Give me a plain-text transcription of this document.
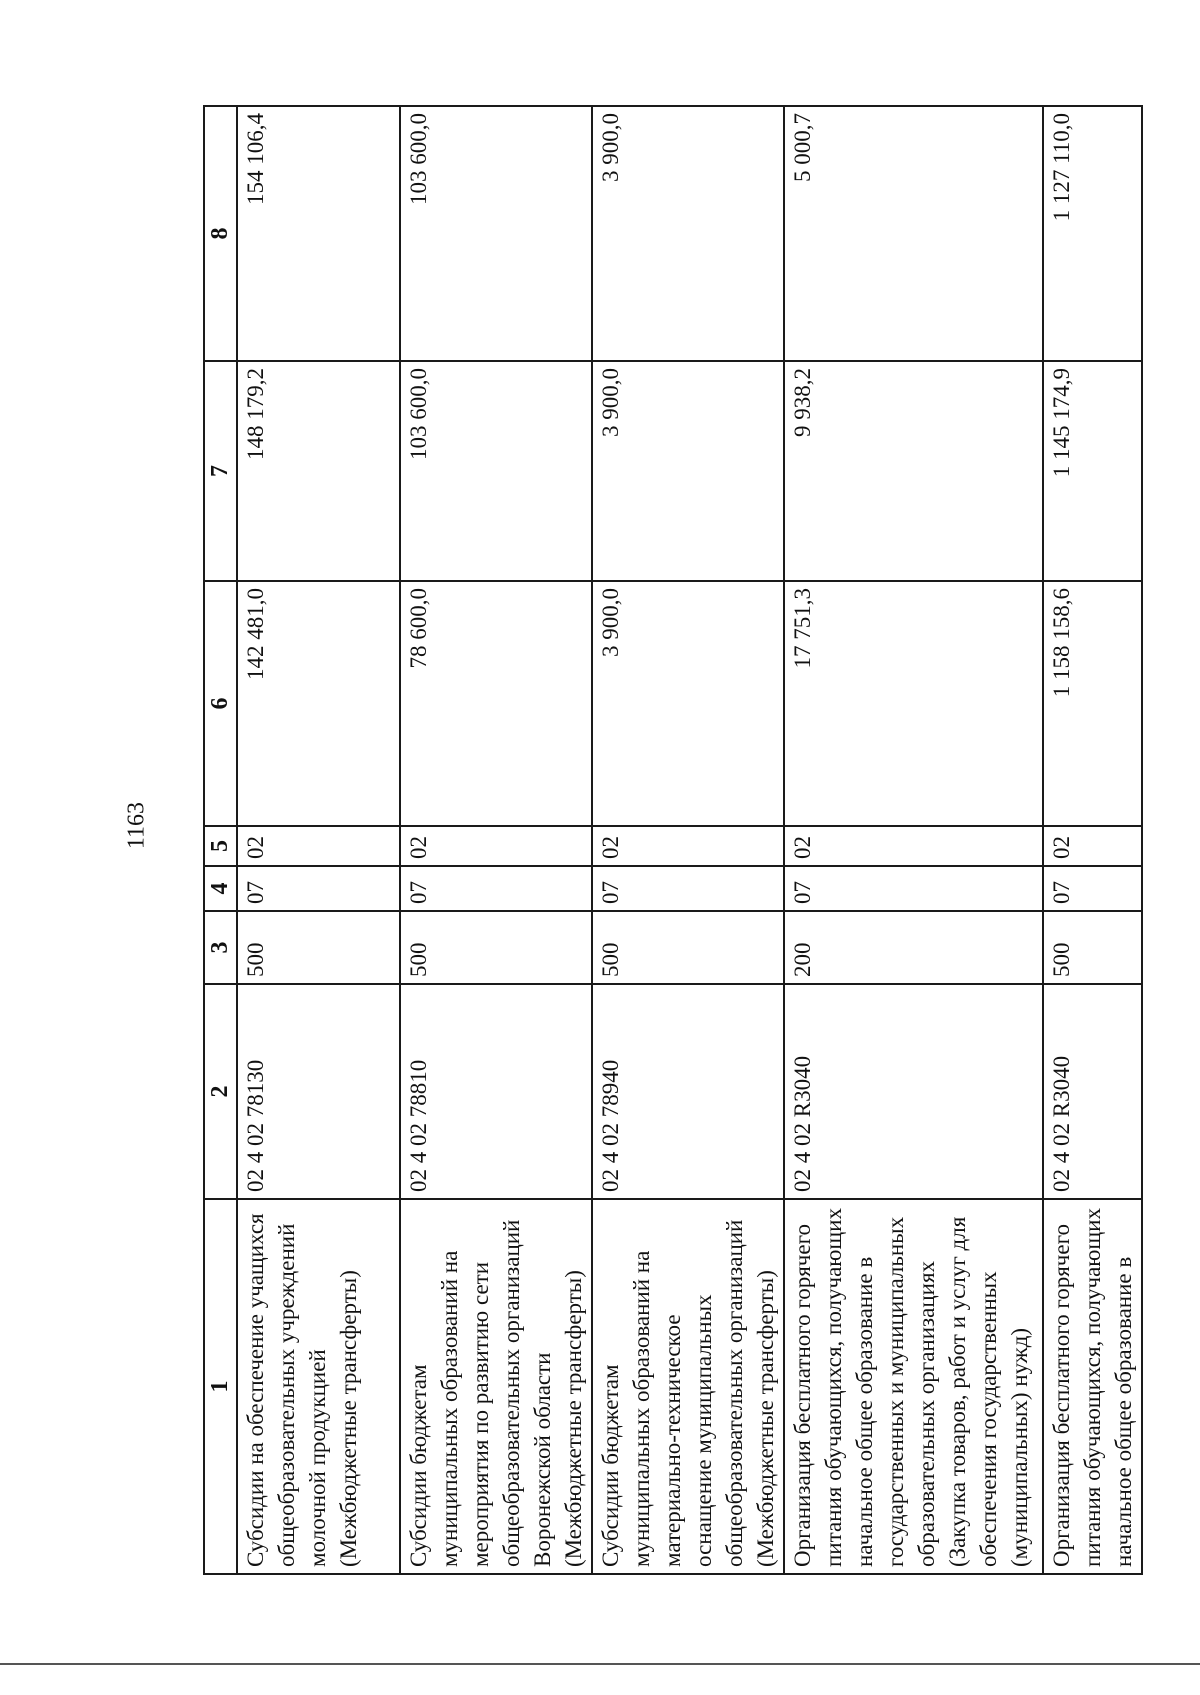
1163
1	2	3	4	5	6	7	8
Субсидии на обеспечение учащихся общеобразовательных учреждений молочной продукцией (Межбюджетные трансферты)	02 4 02 78130	500	07	02	142 481,0	148 179,2	154 106,4
Субсидии бюджетам муниципальных образований на мероприятия по развитию сети общеобразовательных организаций Воронежской области (Межбюджетные трансферты)	02 4 02 78810	500	07	02	78 600,0	103 600,0	103 600,0
Субсидии бюджетам муниципальных образований на материально-техническое оснащение муниципальных общеобразовательных организаций (Межбюджетные трансферты)	02 4 02 78940	500	07	02	3 900,0	3 900,0	3 900,0
Организация бесплатного горячего питания обучающихся, получающих начальное общее образование в государственных и муниципальных образовательных организациях (Закупка товаров, работ и услуг для обеспечения государственных (муниципальных) нужд)	02 4 02 R3040	200	07	02	17 751,3	9 938,2	5 000,7
Организация бесплатного горячего питания обучающихся, получающих начальное общее образование в	02 4 02 R3040	500	07	02	1 158 158,6	1 145 174,9	1 127 110,0
